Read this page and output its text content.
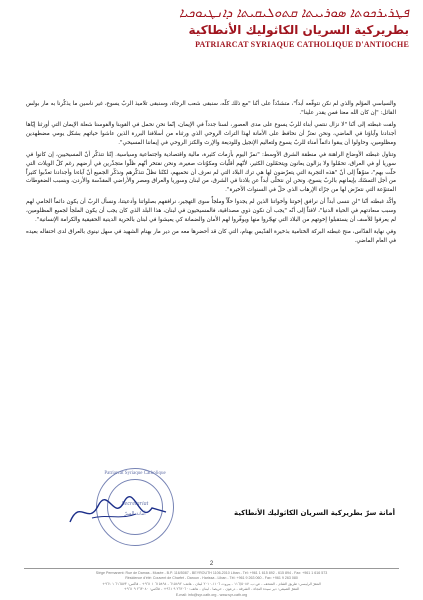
ܦܛܪܝܪܟܘܬܐ ܣܘܪܝܝܬܐ ܩܬܘܠܝܩܝܬܐ ܕܐܢܛܝܘܟܝܐ
بطريركية السريان الكاثوليك الأنطاكية
PATRIARCAT SYRIAQUE CATHOLIQUE D'ANTIOCHE

والسياسي المؤلم والذي لم نكن نتوقّعه أبداً"، متشدّداً على أنّنا "مع ذلك كلّه، سنبقى شعب الرجاء، وسنبقى تلاميذ الربّ يسوع، غير ناسين ما يذكّرنا به مار بولس القائل: "إن كان الله معنا فمن يقدر علينا".

ولفت غبطته إلى أنّنا "لا نزال ننتمي أبناء للربّ يسوع على مدى العصور، لسنا جدداً في الإيمان، إنّما نحن نحمل في القوبنا والفوسنا شعلة الإيمان التي أورثنا إيّاها أجدادنا وآباؤنا في الماضي، ونحن نعتزّ أن نحافظ على الأمانة لهذا التراث الروحي الذي ورثناه من أسلافنا البررة الذين عاشوا حياتهم بشكل يومي مضطهدين ومظلومين، وحاولوا أن يبقوا دائماً أمناء للربّ يسوع ولتعاليم الإنجيل وللوديعة والإرث والكنز الروحي في إيماننا المسيحي".

وتناول غبطته الأوضاع الراهنة في منطقة الشرق الأوسط: "نمرّ اليوم بأزمات كثيرة، مالية واقتصادية واجتماعية وسياسية. إنّنا نتذكّر أنّ المسيحيين، إن كانوا في سوريا أو في العراق، تحمّلوا ولا يزالون يعانون ويتحمّلون الكثير، لأنّهم أقلّيات ومكوّنات صغيرة، ونحن نفتخر أنّهم ظلّوا متجذّرين في أرضهم رغم كلّ الويلات التي حلّت بهم"، منوّهاً إلى أنّ "هذه التجربة التي يتعرّضون لها هي ترك البلاد التي لم نعرف أن نحميهم، لكنّنا نظلّ نتذكّرهم ونذكّر الجميع أنّ آباءنا وأجدادنا تعذّبوا كثيراً من أجل التمسّك بإيمانهم بالربّ يسوع، ونحن لن نتخلّى أبداً عن بلادنا في الشرق، من لبنان وسوريا والعراق ومصر والأراضي المقدّسة والأردن، وبسبب الضغوطات المتنوّعة التي نتعرّض لها من جرّاء الإرهاب الذي حلّ في السنوات الأخيرة".

وأكّد غبطته أنّنا "لن ننسى أبداً أن نرافق إخوتنا وأخواتنا الذين لم يجدوا حلّاً وملجأً سوى التهجير، نرافقهم بصلواتنا وأدعيتنا، ونسأل الربّ أن يكون دائماً الحامي لهم وسبب سعادتهم في الحياة الدنيا"، لافتاً إلى أنّه "يجب أن نكون ذوي مصداقية، فالمسيحيون في لبنان، هذا البلد الذي كان يجب أن يكون الملجأ لجميع المظلومين، لم يعرفوا للأسف أن يستقبلوا إخوتهم من البلاد التي تهجّروا منها ويوفّروا لهم الأمان والضمانة كي يعيشوا في لبنان بالحرية الدينية الحقيقية والكرامة الإنسانية".

وفي نهاية القدّاس، منح غبطته البركة الختامية بذخيرة القدّيس بهنام، التي كان قد أحضرها معه من دير مار بهنام الشهيد في سهل نينوى بالعراق لدى احتفاله بعيده في العام الماضي.

Patriarcat Syriaque Catholique
Secrétariat
أمانة السرّ	أمانة سرّ بطريركية السريان الكاثوليك الأنطاكية
2
Siège Permanent: Rue de Damas - Musée - B.P. 116/5087 - BEYROUTH 1106-2010 Liban - Tél: +961 1 615 892 - 615 894 - Fax: +961 1 616 573
Résidence d'été: Couvent de Charfet - Daroun - Harissa - Liban - Tél: +961 9 263 060 - Fax: +961 9 263 080
المقرّ الرئيسي: طريق الشام - المتحف - ص.ب. ١١٦/٥٠٨٧ - بيروت ١١٠٦-٢٠١٠ لبنان - هاتف: ٦١٥٨٩٢ - ٦١٥٨٩٤ ١ ٩٦١+ - فاكس: ٦١٦٥٧٣ ١ ٩٦١+
المقرّ الصيفي: دير سيدة النجاة - الشرفة - درعون - حريصا - لبنان - هاتف: ٢٦٣٠٦٠ ٩ ٩٦١+ - فاكس: ٢٦٣٠٨٠ ٩ ٩٦١+
E-mail: info@syr-cath.org - www.syr-cath.org
